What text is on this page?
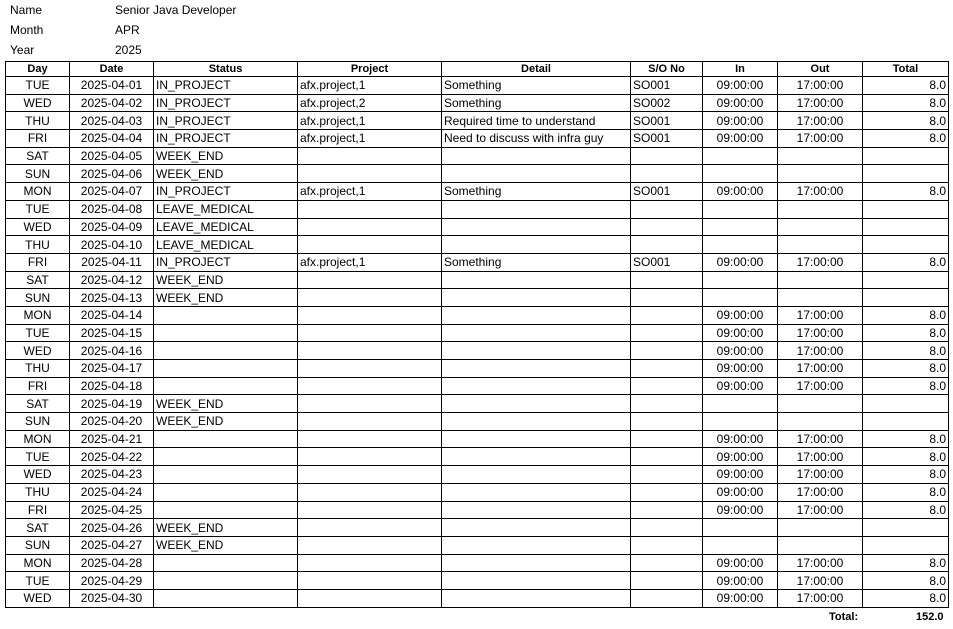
Name	Senior Java Developer
Month	APR
Year	2025
Day	Date	Status	Project	Detail	S/O No	In	Out	Total
TUE	2025-04-01	IN_PROJECT	afx.project,1	Something	SO001	09:00:00	17:00:00	8.0
WED	2025-04-02	IN_PROJECT	afx.project,2	Something	SO002	09:00:00	17:00:00	8.0
THU	2025-04-03	IN_PROJECT	afx.project,1	Required time to understand	SO001	09:00:00	17:00:00	8.0
FRI	2025-04-04	IN_PROJECT	afx.project,1	Need to discuss with infra guy	SO001	09:00:00	17:00:00	8.0
SAT	2025-04-05	WEEK_END						
SUN	2025-04-06	WEEK_END						
MON	2025-04-07	IN_PROJECT	afx.project,1	Something	SO001	09:00:00	17:00:00	8.0
TUE	2025-04-08	LEAVE_MEDICAL						
WED	2025-04-09	LEAVE_MEDICAL						
THU	2025-04-10	LEAVE_MEDICAL						
FRI	2025-04-11	IN_PROJECT	afx.project,1	Something	SO001	09:00:00	17:00:00	8.0
SAT	2025-04-12	WEEK_END						
SUN	2025-04-13	WEEK_END						
MON	2025-04-14					09:00:00	17:00:00	8.0
TUE	2025-04-15					09:00:00	17:00:00	8.0
WED	2025-04-16					09:00:00	17:00:00	8.0
THU	2025-04-17					09:00:00	17:00:00	8.0
FRI	2025-04-18					09:00:00	17:00:00	8.0
SAT	2025-04-19	WEEK_END						
SUN	2025-04-20	WEEK_END						
MON	2025-04-21					09:00:00	17:00:00	8.0
TUE	2025-04-22					09:00:00	17:00:00	8.0
WED	2025-04-23					09:00:00	17:00:00	8.0
THU	2025-04-24					09:00:00	17:00:00	8.0
FRI	2025-04-25					09:00:00	17:00:00	8.0
SAT	2025-04-26	WEEK_END						
SUN	2025-04-27	WEEK_END						
MON	2025-04-28					09:00:00	17:00:00	8.0
TUE	2025-04-29					09:00:00	17:00:00	8.0
WED	2025-04-30					09:00:00	17:00:00	8.0
Total:	152.0
